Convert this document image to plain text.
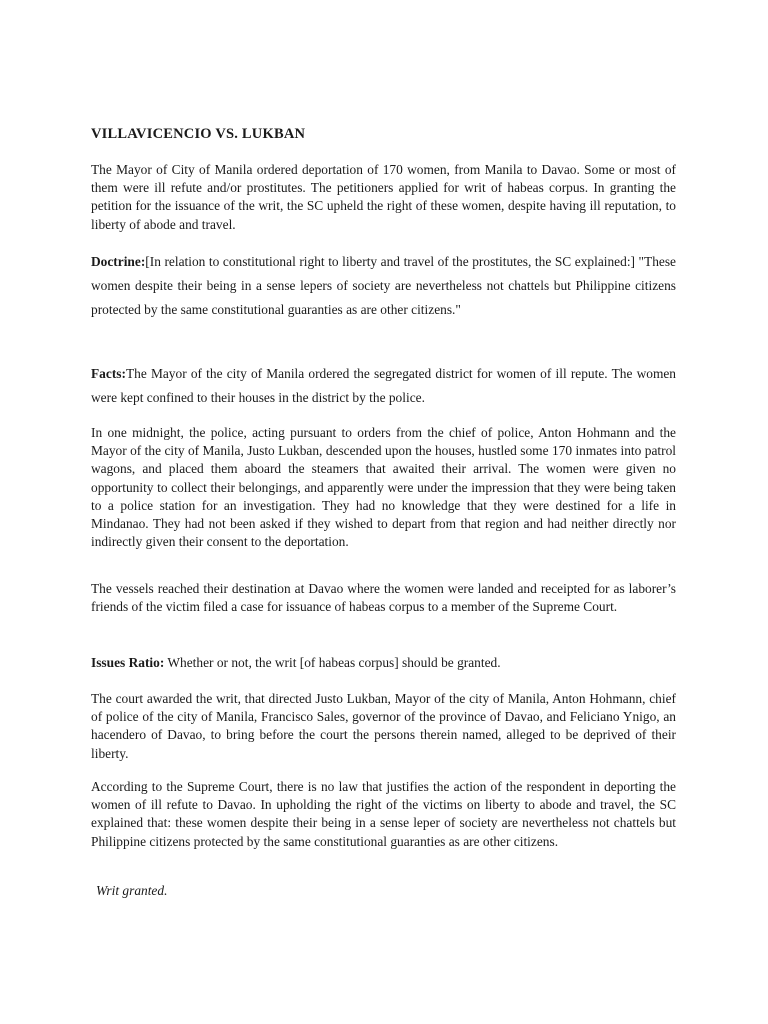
VILLAVICENCIO VS. LUKBAN

The Mayor of City of Manila ordered deportation of 170 women, from Manila to Davao. Some or most of them were ill refute and/or prostitutes. The petitioners applied for writ of habeas corpus. In granting the petition for the issuance of the writ, the SC upheld the right of these women, despite having ill reputation, to liberty of abode and travel.

Doctrine:[In relation to constitutional right to liberty and travel of the prostitutes, the SC explained:] "These women despite their being in a sense lepers of society are nevertheless not chattels but Philippine citizens protected by the same constitutional guaranties as are other citizens."

Facts:The Mayor of the city of Manila ordered the segregated district for women of ill repute. The women were kept confined to their houses in the district by the police.

In one midnight, the police, acting pursuant to orders from the chief of police, Anton Hohmann and the Mayor of the city of Manila, Justo Lukban, descended upon the houses, hustled some 170 inmates into patrol wagons, and placed them aboard the steamers that awaited their arrival. The women were given no opportunity to collect their belongings, and apparently were under the impression that they were being taken to a police station for an investigation. They had no knowledge that they were destined for a life in Mindanao. They had not been asked if they wished to depart from that region and had neither directly nor indirectly given their consent to the deportation.

The vessels reached their destination at Davao where the women were landed and receipted for as laborer’s friends of the victim filed a case for issuance of habeas corpus to a member of the Supreme Court.

Issues Ratio: Whether or not, the writ [of habeas corpus] should be granted.

The court awarded the writ, that directed Justo Lukban, Mayor of the city of Manila, Anton Hohmann, chief of police of the city of Manila, Francisco Sales, governor of the province of Davao, and Feliciano Ynigo, an hacendero of Davao, to bring before the court the persons therein named, alleged to be deprived of their liberty.

According to the Supreme Court, there is no law that justifies the action of the respondent in deporting the women of ill refute to Davao. In upholding the right of the victims on liberty to abode and travel, the SC explained that: these women despite their being in a sense leper of society are nevertheless not chattels but Philippine citizens protected by the same constitutional guaranties as are other citizens.

Writ granted.
